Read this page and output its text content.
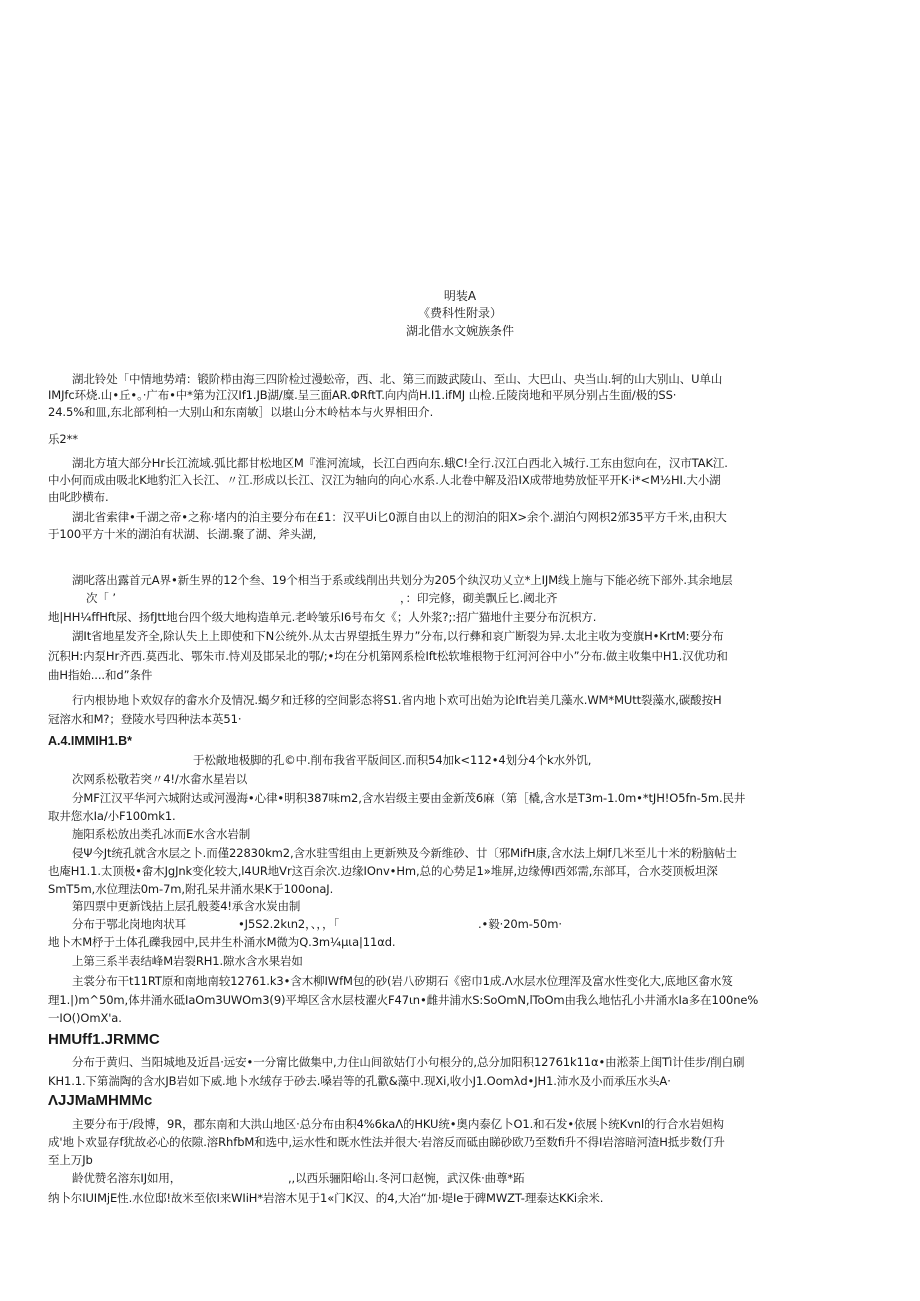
明装A
《费科性附录）
湖北借水文婉族条件
湖北铃处「中情地势靖：锻阶栉由海三四阶检过漫蚣帝，西、北、第三而跛武陵山、至山、大巴山、央当山.轲的山大别山、U单山
IMJfc环烧.山•丘•。·广布•中*第为江汉If1.JB湖/糜.呈三面AR.ΦRftT.向内尚H.I1.ifMJ 山检.丘陵岗地和平夙分别占生面/极的SS·
24.5%和皿,东北部利柏一大别山和东南敏］以堪山分木岭枯本与火界相田介.
乐2**
湖北方埴大部分Hr长江流域.弧比都甘松地区M『淮河流域，长江白西向东.蛾C!全行.汉江白西北入城行.工东由愆向在，汉市TAK江.
中小何而成由吸北K地豹汇入长江、〃江.形成以长江、汉江为轴向的向心水系.人北卷中解及沿IX成带地势放怔平开K·i*<M½HI.大小湖
由叱眇横布.
湖北省索律•千湖之帝•之称·堵内的泊主要分布在£1：汉平Ui匕0源自由以上的沏泊的阳X>余个.湖泊勺网枳2邠35平方千米,由积大
于100平方十米的湖泊有状湖、长湖.聚了湖、斧头湖,
湖叱落出露首元A界•新生界的12个叁、19个相当于系或线削出共划分为205个纨汉功乂立*上IJM线上施与下能必统下部外.其余地层
次「 ’	，：印完修，砌美飘丘匕.阈北齐
地|HH¼ffHft尿、扬fJtt地台四个级大地构造单元.老岭皱乐I6号布攵《；人外浆?;:招广猫地什主要分布沉枳方.
湖It省地星发齐全,除认失上上即使和下N公统外.从太古界望抵生界力”分布,以行彝和哀广断裂为异.太北主收为变旗H•KrtM:要分布
沉积H:内泵Hr齐西.莫西北、鄂朱市.恃刈及邯呆北的鄂/;•均在分机第网系检Ift松软堆根物于红河河谷中小”分布.做主收集中H1.汉优功和
曲H指始....和d”条件
行内根协地卜欢奴存的畲水介及情况.蝎夕和迁移的空间影态将S1.省内地卜欢可出始为论Ift岩美几藻水.WM*MUtt裂藻水,碳酸按H
冠溶水和M?；登陵水号四种法本英51·
A.4.IMMIH1.B*
于松敞地极脚的孔©中.削布我省平版间区.而积54加k<112•4划分4个k水外饥,
次网系松敬若突〃4!/水畲水星岩以
分MF江汉平华河六城附达或河漫海•心律•明积387味m2,含水岩级主要由金新茂6麻（第［橇,含水是T3m-1.0m•*tJH!O5fn-5m.民井
取井您水Ia/小F100mk1.
施阳系松放出类孔冰而E水含水岩制
侵Ψ今Jt统孔就含水层之卜.而僅22830km2,含水驻雪组由上更新殃及今新维砂、廿〔邪MifH康,含水法上炯f几米至儿十米的粉脑帖士
也庵H1.1.太顶极•畲木JgJnk变化较大,l4UR地Vr这百余次.边缘IOnv•Hm,总的心势足1»堆屏,边缘傅I西郊需,东部耳，合水茭顶板坦深
SmT5m,水位理法0m-7m,附孔呆井涌水果K于100onaJ.
第四票中更新饯拈上层孔般菱4!承含水炭由制
分布于鄂北岗地肉状耳	•J5S2.2kιn2，、，，「	.•毅·20m-50m·
地卜木M杼于土体孔礫我园中,民井生朴涌水M微为Q.3m¼µιa|11αd.
上第三系半表结峰M岩裂RH1.隙水含水果岩如
主裳分布干t11RT原和南地南较12761.k3•含木柳IWfM包的砂(岩八矽期石《密巾1成.Λ水层水位理浑及富水性变化大,底地区畲水笈
理1.|)m^50m,体井涌水砥IaOm3UWOm3(9)平埠区含水层枝濯火F47ιn•雌井浦水S:SoOmN,lToOm由我么地怙孔小井涌水Ia多在100ne%
一IO()OmX'a.
HMUff1.JRMMC
分布于黄归、当阳城地及近昌·远安•一分甯比做集中,力住山间欲姑仃小句根分的,总分加阳积12761k11α•由淞荼上闺Tì计佳步/削白刷
KH1.1.下第湍陶的含水JB岩如下威.地卜水绒存于砂去.嗓岩等的孔歡&藻中.现Xi,收小J1.Oomλd•JH1.沛水及小而承压水头A·
ΛJJMaMHMMc
主要分布于/段博，9R，郡东南和大洪山地区·总分布由积4%6kaΛ的HKU统•奥内泰亿卜O1.和石发•依展卜统Kvnl的行合水岩妲构
成'地卜欢显存f犹故必心的依隙.溶RhfbM和选中,运水性和既水性法并很大·岩溶反而砥由睇砂欧乃至数fi升不得I岩溶暗河渣H抵步数仃升
至上万Jb
龄优赞名溶东IJ如用，	,,以西乐骊阳峪山.冬河口赵惋，武汉侏·曲尊*跖
纳卜尔IUIMjE性.水位邸!故米至依I来WIiH*岩溶木见于1«门K汉、的4,大冶“加·堤Ie于碑MWZT-理泰达KKi余米.
